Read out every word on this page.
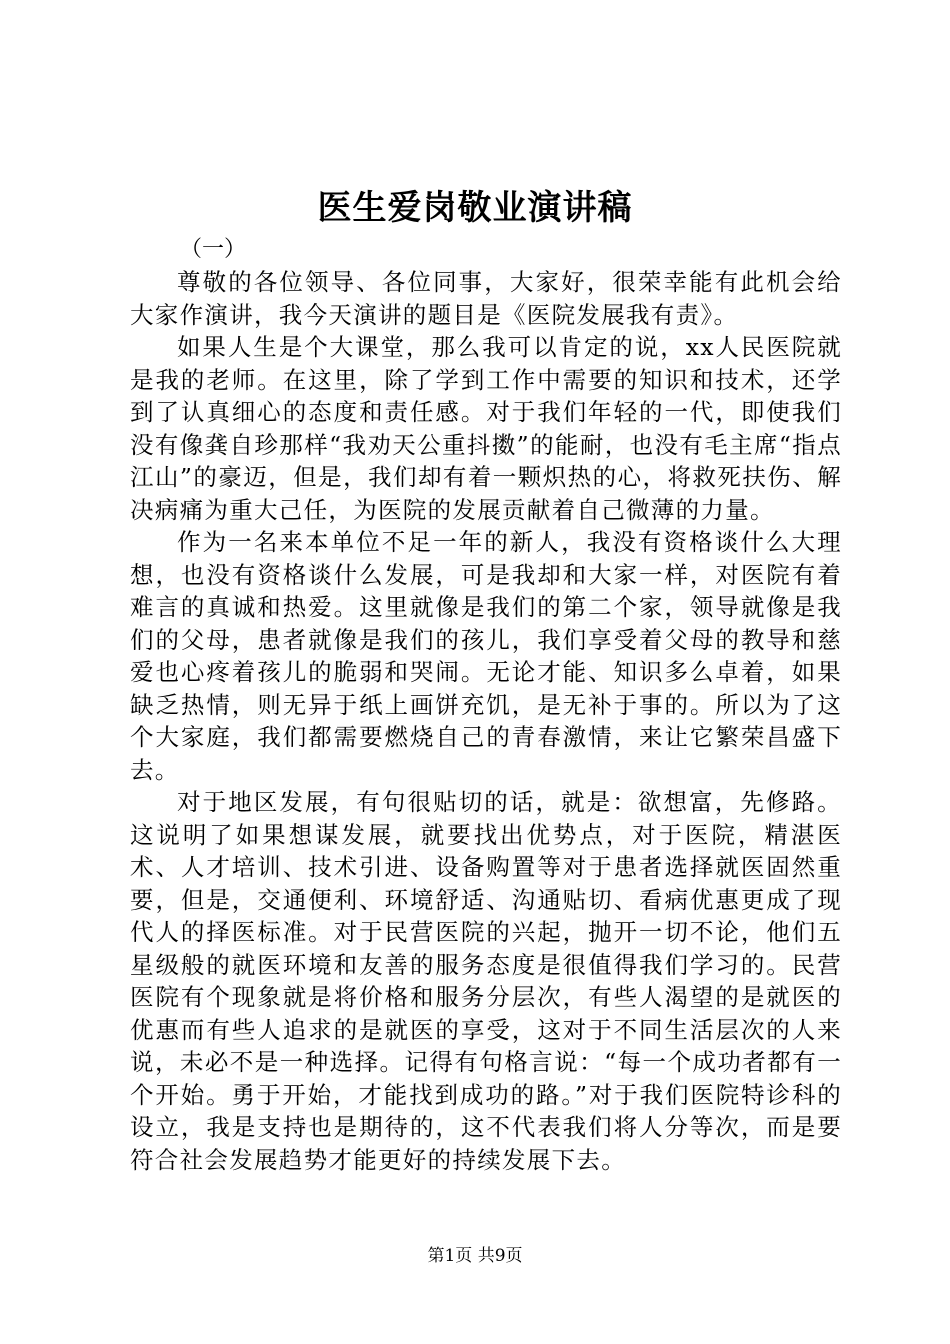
医生爱岗敬业演讲稿

（一）

尊敬的各位领导、各位同事，大家好，很荣幸能有此机会给大家作演讲，我今天演讲的题目是《医院发展我有责》。

如果人生是个大课堂，那么我可以肯定的说，xx人民医院就是我的老师。在这里，除了学到工作中需要的知识和技术，还学到了认真细心的态度和责任感。对于我们年轻的一代，即使我们没有像龚自珍那样“我劝天公重抖擞”的能耐，也没有毛主席“指点江山”的豪迈，但是，我们却有着一颗炽热的心，将救死扶伤、解决病痛为重大己任，为医院的发展贡献着自己微薄的力量。

作为一名来本单位不足一年的新人，我没有资格谈什么大理想，也没有资格谈什么发展，可是我却和大家一样，对医院有着难言的真诚和热爱。这里就像是我们的第二个家，领导就像是我们的父母，患者就像是我们的孩儿，我们享受着父母的教导和慈爱也心疼着孩儿的脆弱和哭闹。无论才能、知识多么卓着，如果缺乏热情，则无异于纸上画饼充饥，是无补于事的。所以为了这个大家庭，我们都需要燃烧自己的青春激情，来让它繁荣昌盛下去。

对于地区发展，有句很贴切的话，就是：欲想富，先修路。这说明了如果想谋发展，就要找出优势点，对于医院，精湛医术、人才培训、技术引进、设备购置等对于患者选择就医固然重要，但是，交通便利、环境舒适、沟通贴切、看病优惠更成了现代人的择医标准。对于民营医院的兴起，抛开一切不论，他们五星级般的就医环境和友善的服务态度是很值得我们学习的。民营医院有个现象就是将价格和服务分层次，有些人渴望的是就医的优惠而有些人追求的是就医的享受，这对于不同生活层次的人来说，未必不是一种选择。记得有句格言说：“每一个成功者都有一个开始。勇于开始，才能找到成功的路。”对于我们医院特诊科的设立，我是支持也是期待的，这不代表我们将人分等次，而是要符合社会发展趋势才能更好的持续发展下去。

第1页 共9页
